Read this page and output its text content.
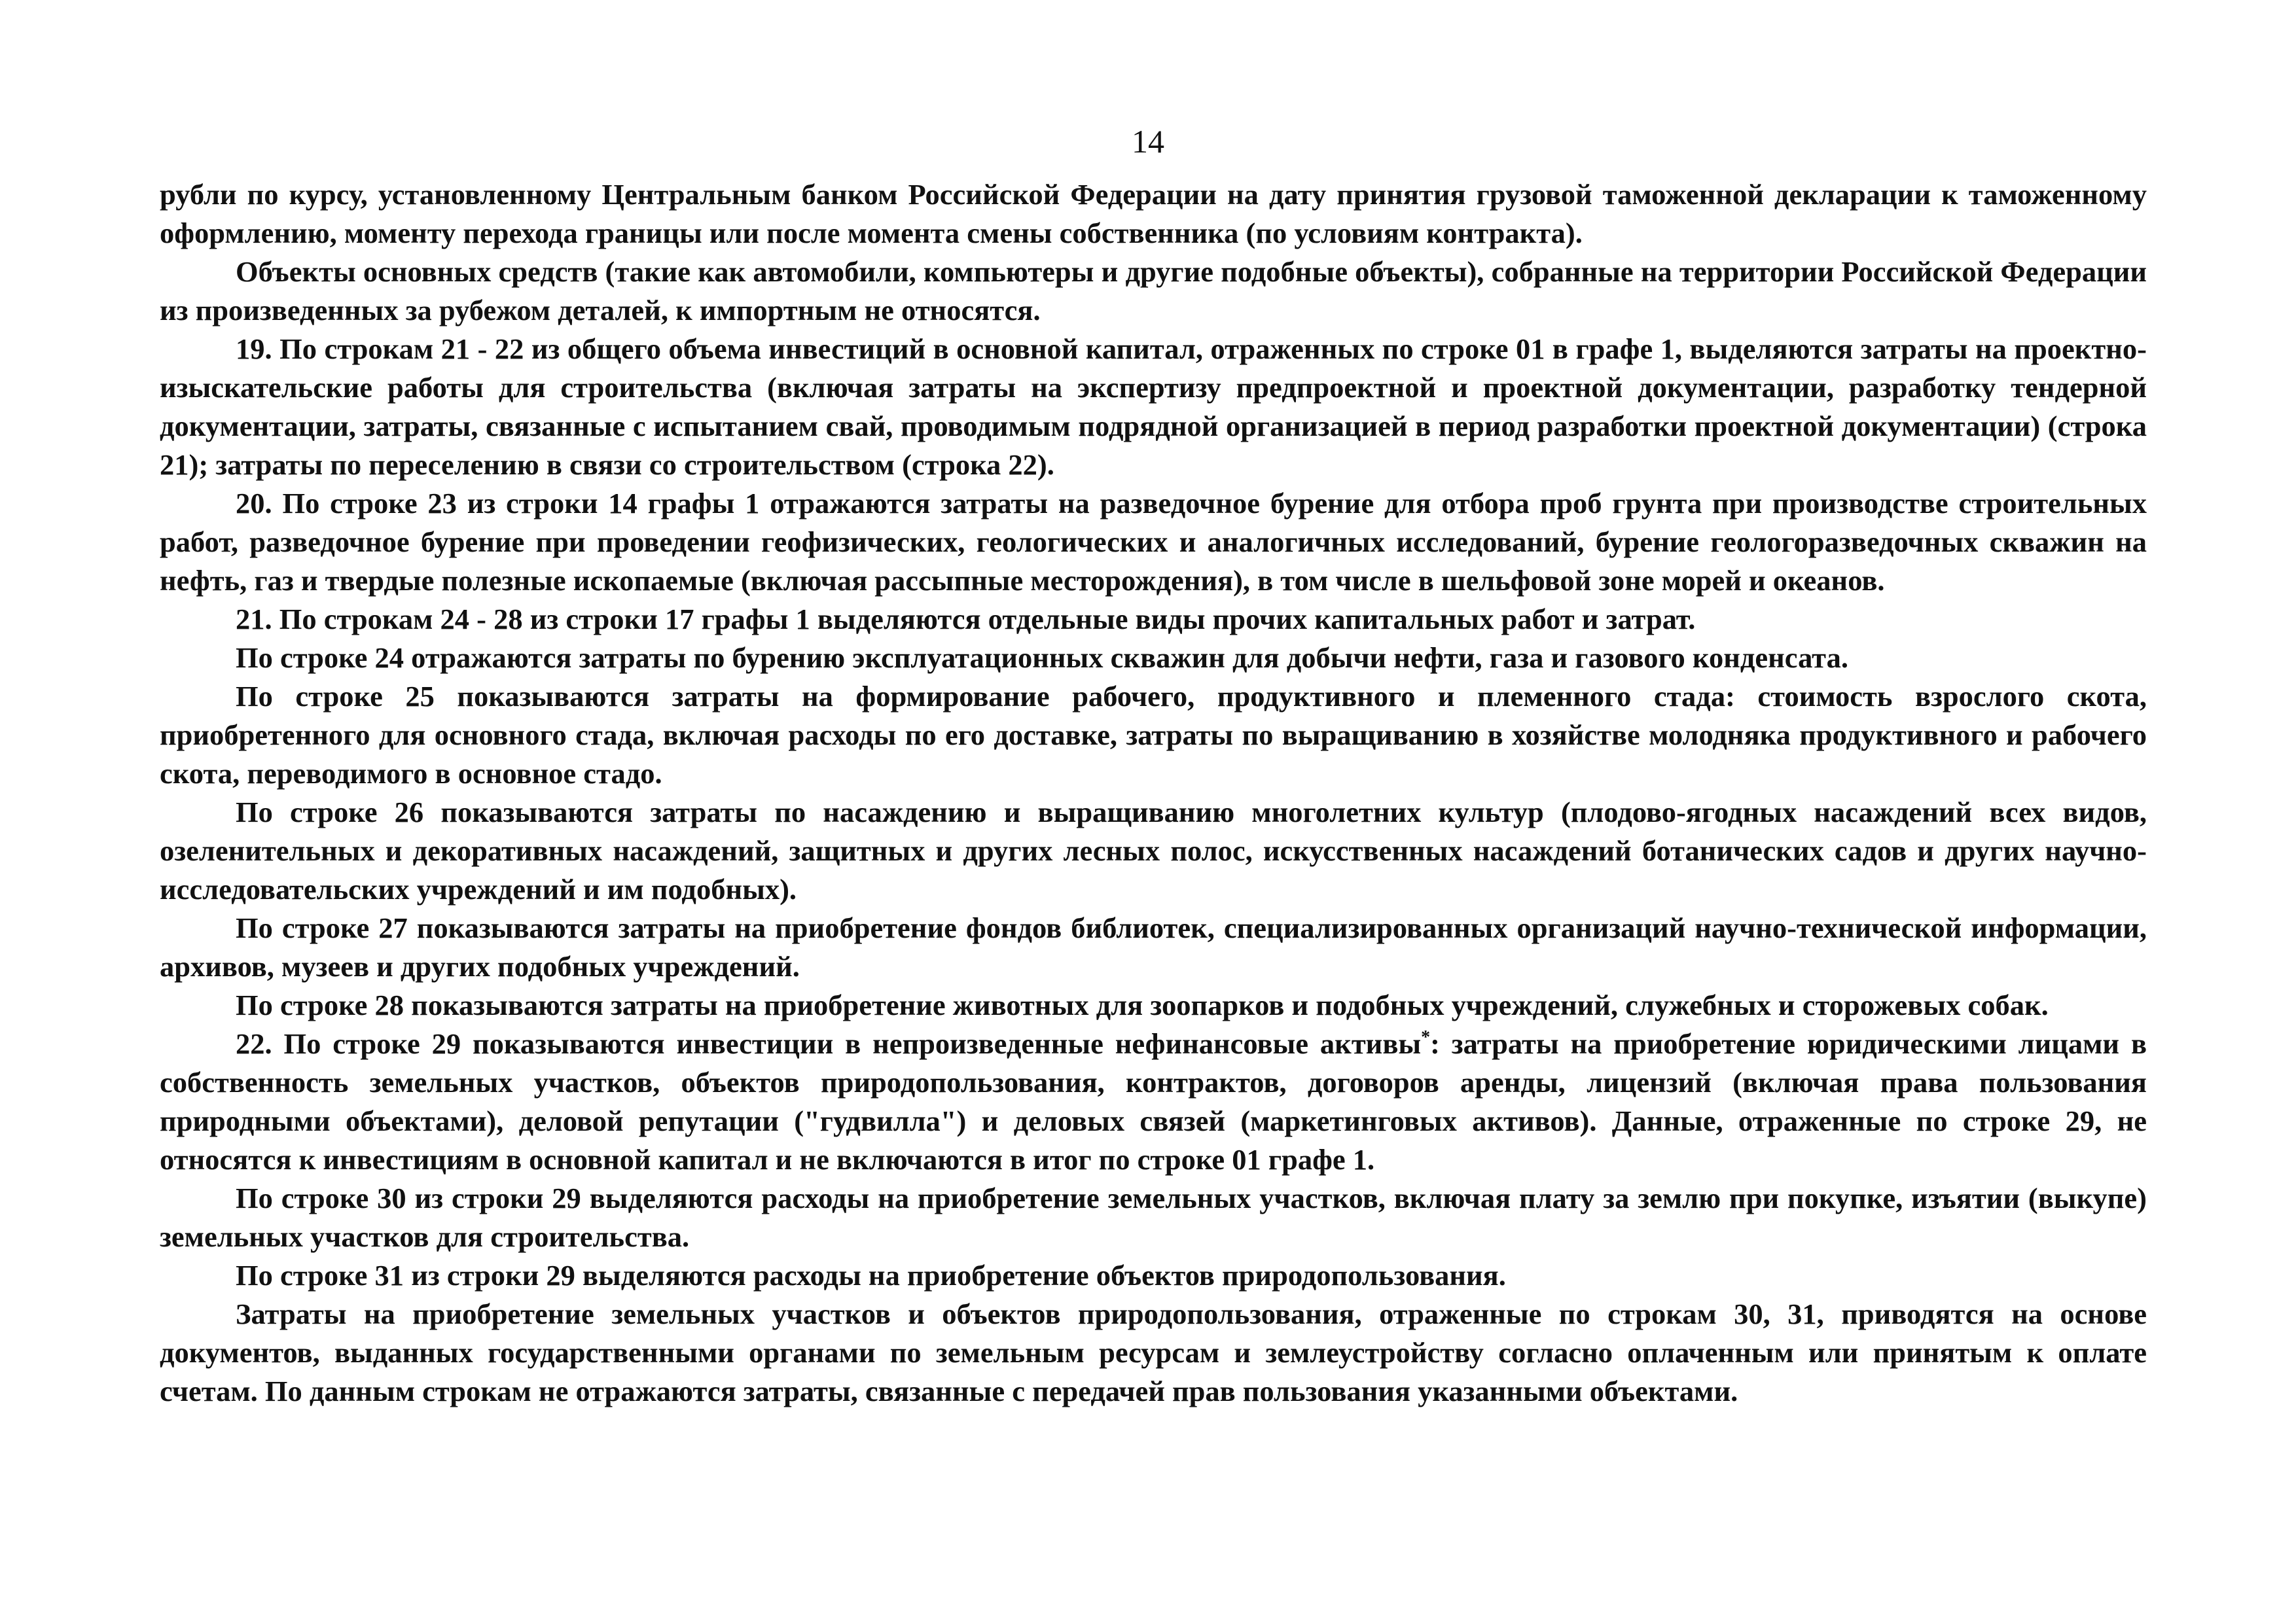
14

рубли по курсу, установленному Центральным банком Российской Федерации на дату принятия грузовой таможенной декларации к таможенному оформлению, моменту перехода границы или после момента смены собственника (по условиям контракта).

Объекты основных средств (такие как автомобили, компьютеры и другие подобные объекты), собранные на территории Российской Федерации из произведенных за рубежом деталей, к импортным не относятся.

19. По строкам 21 - 22 из общего объема инвестиций в основной капитал, отраженных по строке 01 в графе 1, выделяются затраты на проектно-изыскательские работы для строительства (включая затраты на экспертизу предпроектной и проектной документации, разработку тендерной документации, затраты, связанные с испытанием свай, проводимым подрядной организацией в период разработки проектной документации) (строка 21); затраты по переселению в связи со строительством (строка 22).

20. По строке 23 из строки 14 графы 1 отражаются затраты на разведочное бурение для отбора проб грунта при производстве строительных работ, разведочное бурение при проведении геофизических, геологических и аналогичных исследований, бурение геологоразведочных скважин на нефть, газ и твердые полезные ископаемые (включая рассыпные месторождения), в том числе в шельфовой зоне морей и океанов.

21. По строкам 24 - 28 из строки 17 графы 1 выделяются отдельные виды прочих капитальных работ и затрат.

По строке 24 отражаются затраты по бурению эксплуатационных скважин для добычи нефти, газа и газового конденсата.

По строке 25 показываются затраты на формирование рабочего, продуктивного и племенного стада: стоимость взрослого скота, приобретенного для основного стада, включая расходы по его доставке, затраты по выращиванию в хозяйстве молодняка продуктивного и рабочего скота, переводимого в основное стадо.

По строке 26 показываются затраты по насаждению и выращиванию многолетних культур (плодово-ягодных насаждений всех видов, озеленительных и декоративных насаждений, защитных и других лесных полос, искусственных насаждений ботанических садов и других научно-исследовательских учреждений и им подобных).

По строке 27 показываются затраты на приобретение фондов библиотек, специализированных организаций научно-технической информации, архивов, музеев и других подобных учреждений.

По строке 28 показываются затраты на приобретение животных для зоопарков и подобных учреждений, служебных и сторожевых собак.

22. По строке 29 показываются инвестиции в непроизведенные нефинансовые активы*: затраты на приобретение юридическими лицами в собственность земельных участков, объектов природопользования, контрактов, договоров аренды, лицензий (включая права пользования природными объектами), деловой репутации ("гудвилла") и деловых связей (маркетинговых активов). Данные, отраженные по строке 29, не относятся к инвестициям в основной капитал и не включаются в итог по строке 01 графе 1.

По строке 30 из строки 29 выделяются расходы на приобретение земельных участков, включая плату за землю при покупке, изъятии (выкупе) земельных участков для строительства.

По строке 31 из строки 29 выделяются расходы на приобретение объектов природопользования.

Затраты на приобретение земельных участков и объектов природопользования, отраженные по строкам 30, 31, приводятся на основе документов, выданных государственными органами по земельным ресурсам и землеустройству согласно оплаченным или принятым к оплате счетам. По данным строкам не отражаются затраты, связанные с передачей прав пользования указанными объектами.
